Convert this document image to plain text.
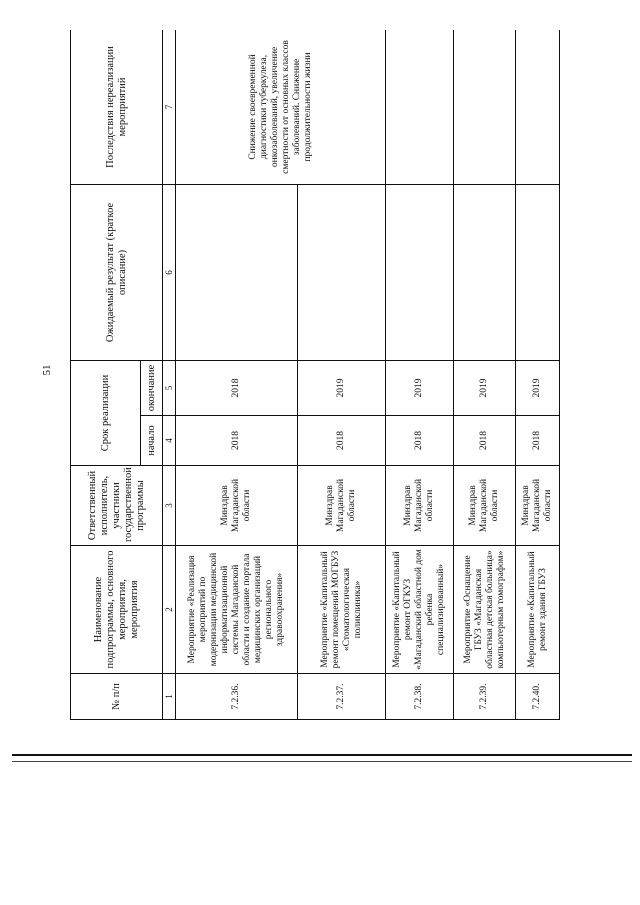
51
№ п/п	Наименование подпрограммы, основного мероприятия, мероприятия	Ответственный исполнитель, участники государственной программы	Срок реализации		Ожидаемый результат (краткое описание)	Последствия нереализации мероприятий
			начало	окончание		
1	2	3	4	5	6	7
7.2.36.	Мероприятие «Реализация мероприятий по модернизации медицинской информатизационной системы Магаданской области и создание портала медицинских организаций регионального здравоохранения»	Минздрав Магаданской области	2018	2018		Снижение своевременной диагностики туберкулеза, онкозаболеваний, увеличение смертности от основных классов заболеваний. Снижение продолжительности жизни
7.2.37.	Мероприятие «Капитальный ремонт помещений МОГБУЗ «Стоматологическая поликлиника»	Минздрав Магаданской области	2018	2019		
7.2.38.	Мероприятие «Капитальный ремонт ОГКУЗ «Магаданский областной дом ребенка специализированный»	Минздрав Магаданской области	2018	2019		
7.2.39.	Мероприятие «Оснащение ГБУЗ «Магаданская областная детская больница» компьютерным томографом»	Минздрав Магаданской области	2018	2019		
7.2.40.	Мероприятие «Капитальный ремонт здания ГБУЗ	Минздрав Магаданской области	2018	2019		
